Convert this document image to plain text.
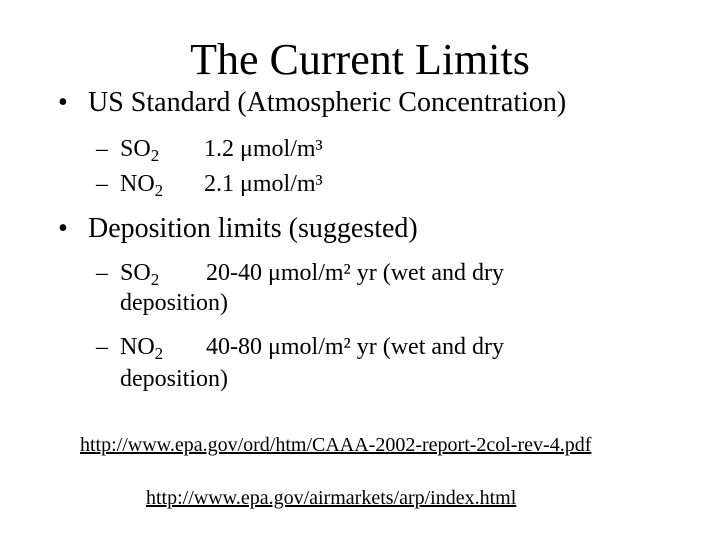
The Current Limits
• US Standard (Atmospheric Concentration)
– $SO_2$ 1.2 μmol/m³
– $NO_2$ 2.1 μmol/m³
• Deposition limits (suggested)
– $SO_2$ 20-40 μmol/m² yr (wet and dry
deposition)
– $NO_2$ 40-80 μmol/m² yr (wet and dry
deposition)
http://www.epa.gov/ord/htm/CAAA-2002-report-2col-rev-4.pdf
http://www.epa.gov/airmarkets/arp/index.html
